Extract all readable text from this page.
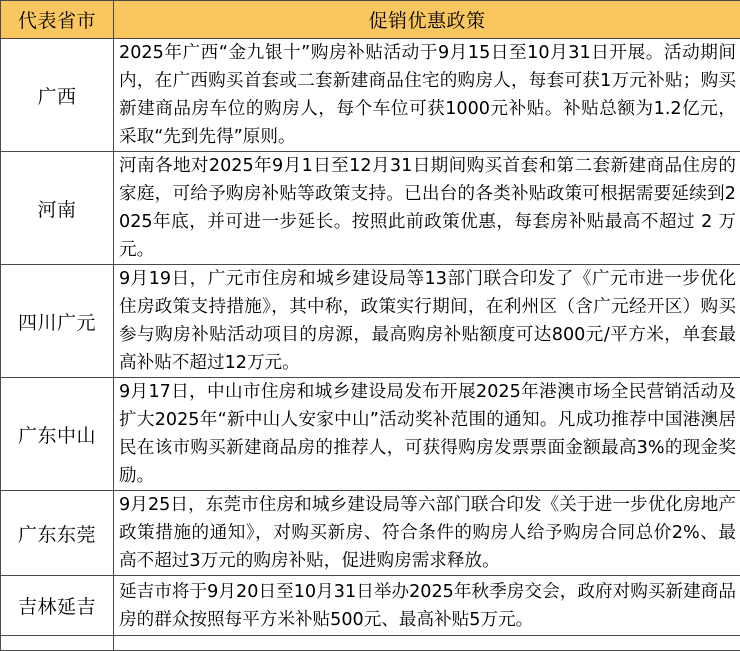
代表省市	促销优惠政策
广西	2025年广西“金九银十”购房补贴活动于9月15日至10月31日开展。活动期间内，在广西购买首套或二套新建商品住宅的购房人，每套可获1万元补贴；购买新建商品房车位的购房人，每个车位可获1000元补贴。补贴总额为1.2亿元，采取“先到先得”原则。
河南	河南各地对2025年9月1日至12月31日期间购买首套和第二套新建商品住房的家庭，可给予购房补贴等政策支持。已出台的各类补贴政策可根据需要延续到2025年底，并可进一步延长。按照此前政策优惠，每套房补贴最高不超过 2 万元。
四川广元	9月19日，广元市住房和城乡建设局等13部门联合印发了《广元市进一步优化住房政策支持措施》，其中称，政策实行期间，在利州区（含广元经开区）购买参与购房补贴活动项目的房源，最高购房补贴额度可达800元/平方米，单套最高补贴不超过12万元。
广东中山	9月17日，中山市住房和城乡建设局发布开展2025年港澳市场全民营销活动及扩大2025年“新中山人安家中山”活动奖补范围的通知。凡成功推荐中国港澳居民在该市购买新建商品房的推荐人，可获得购房发票票面金额最高3%的现金奖励。
广东东莞	9月25日，东莞市住房和城乡建设局等六部门联合印发《关于进一步优化房地产政策措施的通知》，对购买新房、符合条件的购房人给予购房合同总价2%、最高不超过3万元的购房补贴，促进购房需求释放。
吉林延吉	延吉市将于9月20日至10月31日举办2025年秋季房交会，政府对购买新建商品房的群众按照每平方米补贴500元、最高补贴5万元。
